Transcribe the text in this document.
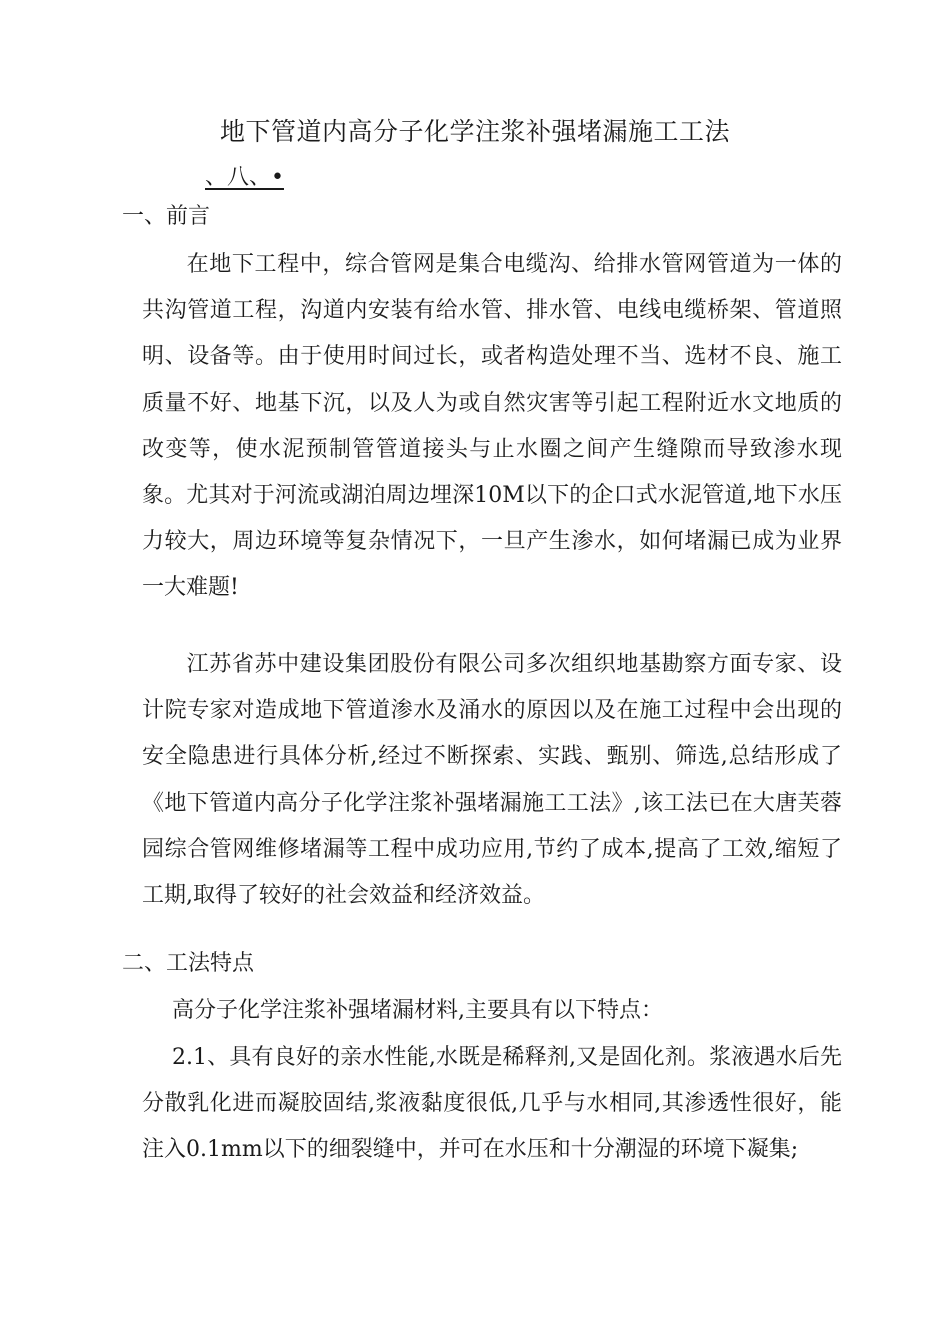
地下管道内高分子化学注浆补强堵漏施工工法
、八、•
一、前言
在地下工程中，综合管网是集合电缆沟、给排水管网管道为一体的共沟管道工程，沟道内安装有给水管、排水管、电线电缆桥架、管道照明、设备等。由于使用时间过长，或者构造处理不当、选材不良、施工质量不好、地基下沉，以及人为或自然灾害等引起工程附近水文地质的改变等，使水泥预制管管道接头与止水圈之间产生缝隙而导致渗水现象。尤其对于河流或湖泊周边埋深10M以下的企口式水泥管道,地下水压力较大，周边环境等复杂情况下，一旦产生渗水，如何堵漏已成为业界一大难题!
江苏省苏中建设集团股份有限公司多次组织地基勘察方面专家、设计院专家对造成地下管道渗水及涌水的原因以及在施工过程中会出现的安全隐患进行具体分析,经过不断探索、实践、甄别、筛选,总结形成了《地下管道内高分子化学注浆补强堵漏施工工法》,该工法已在大唐芙蓉园综合管网维修堵漏等工程中成功应用,节约了成本,提高了工效,缩短了工期,取得了较好的社会效益和经济效益。
二、工法特点
高分子化学注浆补强堵漏材料,主要具有以下特点：
2.1、具有良好的亲水性能,水既是稀释剂,又是固化剂。浆液遇水后先分散乳化进而凝胶固结,浆液黏度很低,几乎与水相同,其渗透性很好，能注入0.1mm以下的细裂缝中，并可在水压和十分潮湿的环境下凝集;
